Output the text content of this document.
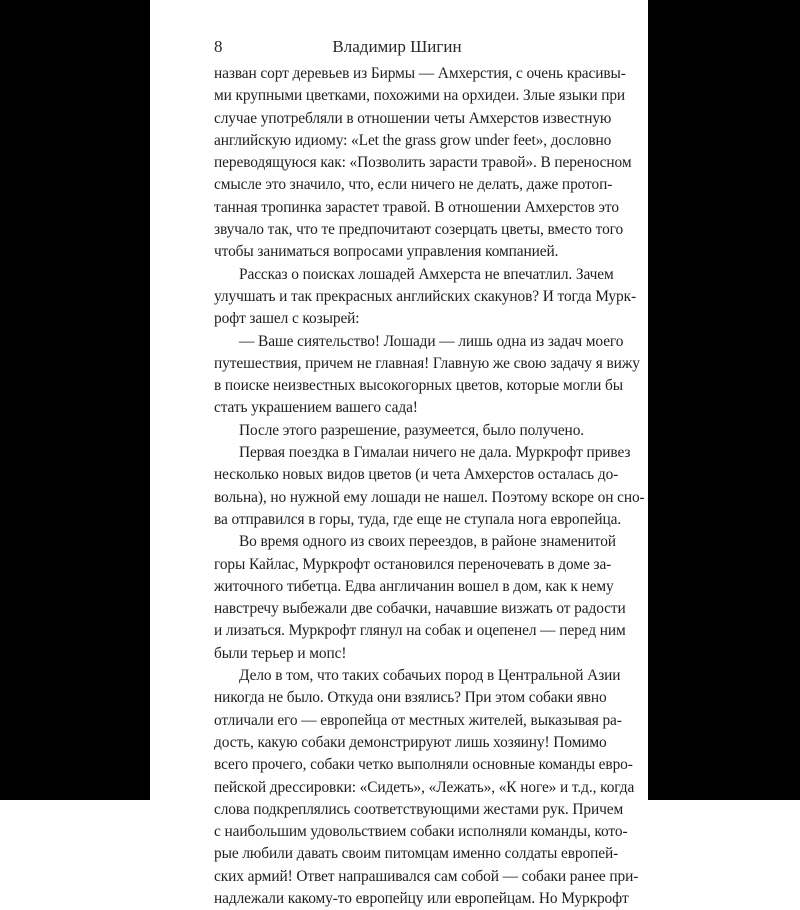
8	Владимир Шигин
назван сорт деревьев из Бирмы — Амхерстия, с очень красивы-
ми крупными цветками, похожими на орхидеи. Злые языки при
случае употребляли в отношении четы Амхерстов известную
английскую идиому: «Let the grass grow under feet», дословно
переводящуюся как: «Позволить зарасти травой». В переносном
смысле это значило, что, если ничего не делать, даже протоп-
танная тропинка зарастет травой. В отношении Амхерстов это
звучало так, что те предпочитают созерцать цветы, вместо того
чтобы заниматься вопросами управления компанией.
Рассказ о поисках лошадей Амхерста не впечатлил. Зачем
улучшать и так прекрасных английских скакунов? И тогда Мурк-
рофт зашел с козырей:
— Ваше сиятельство! Лошади — лишь одна из задач моего
путешествия, причем не главная! Главную же свою задачу я вижу
в поиске неизвестных высокогорных цветов, которые могли бы
стать украшением вашего сада!
После этого разрешение, разумеется, было получено.
Первая поездка в Гималаи ничего не дала. Муркрофт привез
несколько новых видов цветов (и чета Амхерстов осталась до-
вольна), но нужной ему лошади не нашел. Поэтому вскоре он сно-
ва отправился в горы, туда, где еще не ступала нога европейца.
Во время одного из своих переездов, в районе знаменитой
горы Кайлас, Муркрофт остановился переночевать в доме за-
житочного тибетца. Едва англичанин вошел в дом, как к нему
навстречу выбежали две собачки, начавшие визжать от радости
и лизаться. Муркрофт глянул на собак и оцепенел — перед ним
были терьер и мопс!
Дело в том, что таких собачьих пород в Центральной Азии
никогда не было. Откуда они взялись? При этом собаки явно
отличали его — европейца от местных жителей, выказывая ра-
дость, какую собаки демонстрируют лишь хозяину! Помимо
всего прочего, собаки четко выполняли основные команды евро-
пейской дрессировки: «Сидеть», «Лежать», «К ноге» и т.д., когда
слова подкреплялись соответствующими жестами рук. Причем
с наибольшим удовольствием собаки исполняли команды, кото-
рые любили давать своим питомцам именно солдаты европей-
ских армий! Ответ напрашивался сам собой — собаки ранее при-
надлежали какому-то европейцу или европейцам. Но Муркрофт
